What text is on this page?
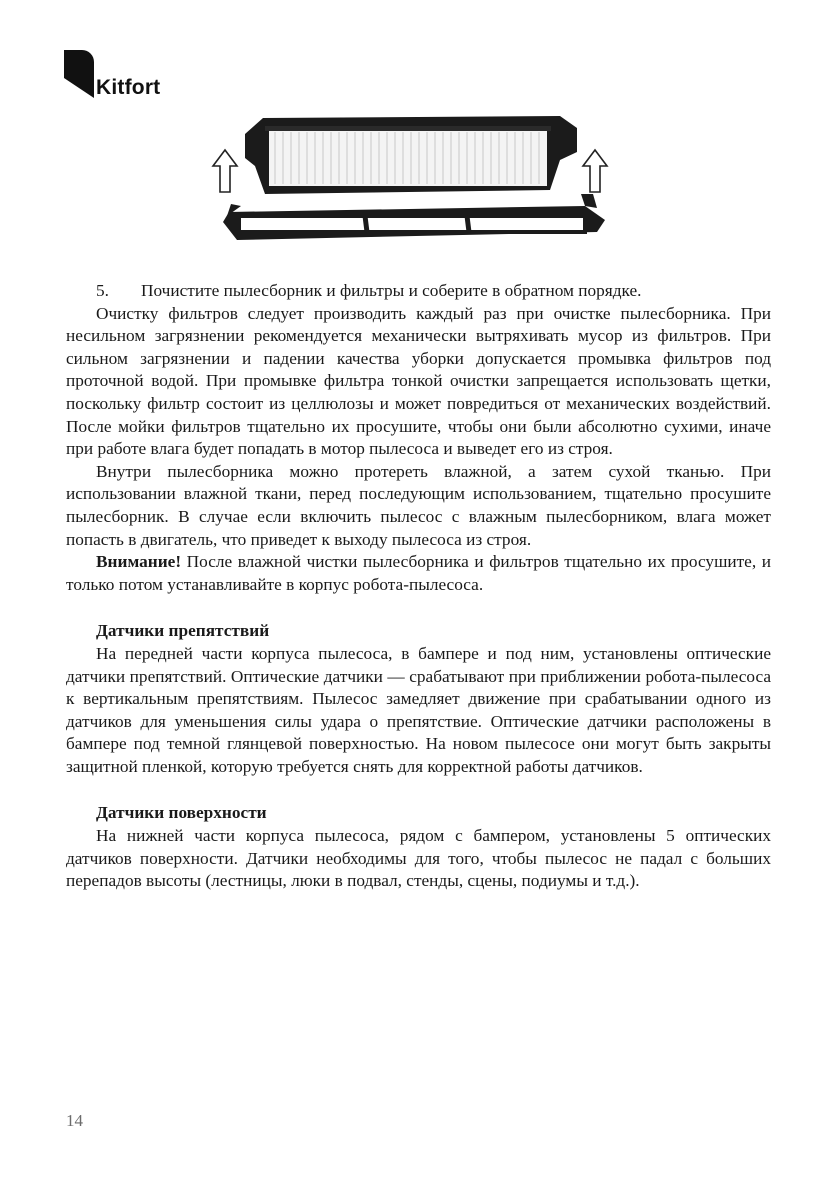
Kitfort

5. Почистите пылесборник и фильтры и соберите в обратном порядке.

Очистку фильтров следует производить каждый раз при очистке пылесборника. При несильном загрязнении рекомендуется механически вытряхивать мусор из фильтров. При сильном загрязнении и падении качества уборки допускается промывка фильтров под проточной водой. При промывке фильтра тонкой очистки запрещается использовать щетки, поскольку фильтр состоит из целлюлозы и может повредиться от механических воздействий. После мойки фильтров тщательно их просушите, чтобы они были абсолютно сухими, иначе при работе влага будет попадать в мотор пылесоса и выведет его из строя.

Внутри пылесборника можно протереть влажной, а затем сухой тканью. При использовании влажной ткани, перед последующим использованием, тщательно просушите пылесборник. В случае если включить пылесос с влажным пылесборником, влага может попасть в двигатель, что приведет к выходу пылесоса из строя.

Внимание! После влажной чистки пылесборника и фильтров тщательно их просушите, и только потом устанавливайте в корпус робота-пылесоса.

Датчики препятствий

На передней части корпуса пылесоса, в бампере и под ним, установлены оптические датчики препятствий. Оптические датчики — срабатывают при приближении робота-пылесоса к вертикальным препятствиям. Пылесос замедляет движение при срабатывании одного из датчиков для уменьшения силы удара о препятствие. Оптические датчики расположены в бампере под темной глянцевой поверхностью. На новом пылесосе они могут быть закрыты защитной пленкой, которую требуется снять для корректной работы датчиков.

Датчики поверхности

На нижней части корпуса пылесоса, рядом с бампером, установлены 5 оптических датчиков поверхности. Датчики необходимы для того, чтобы пылесос не падал с больших перепадов высоты (лестницы, люки в подвал, стенды, сцены, подиумы и т.д.).

14
